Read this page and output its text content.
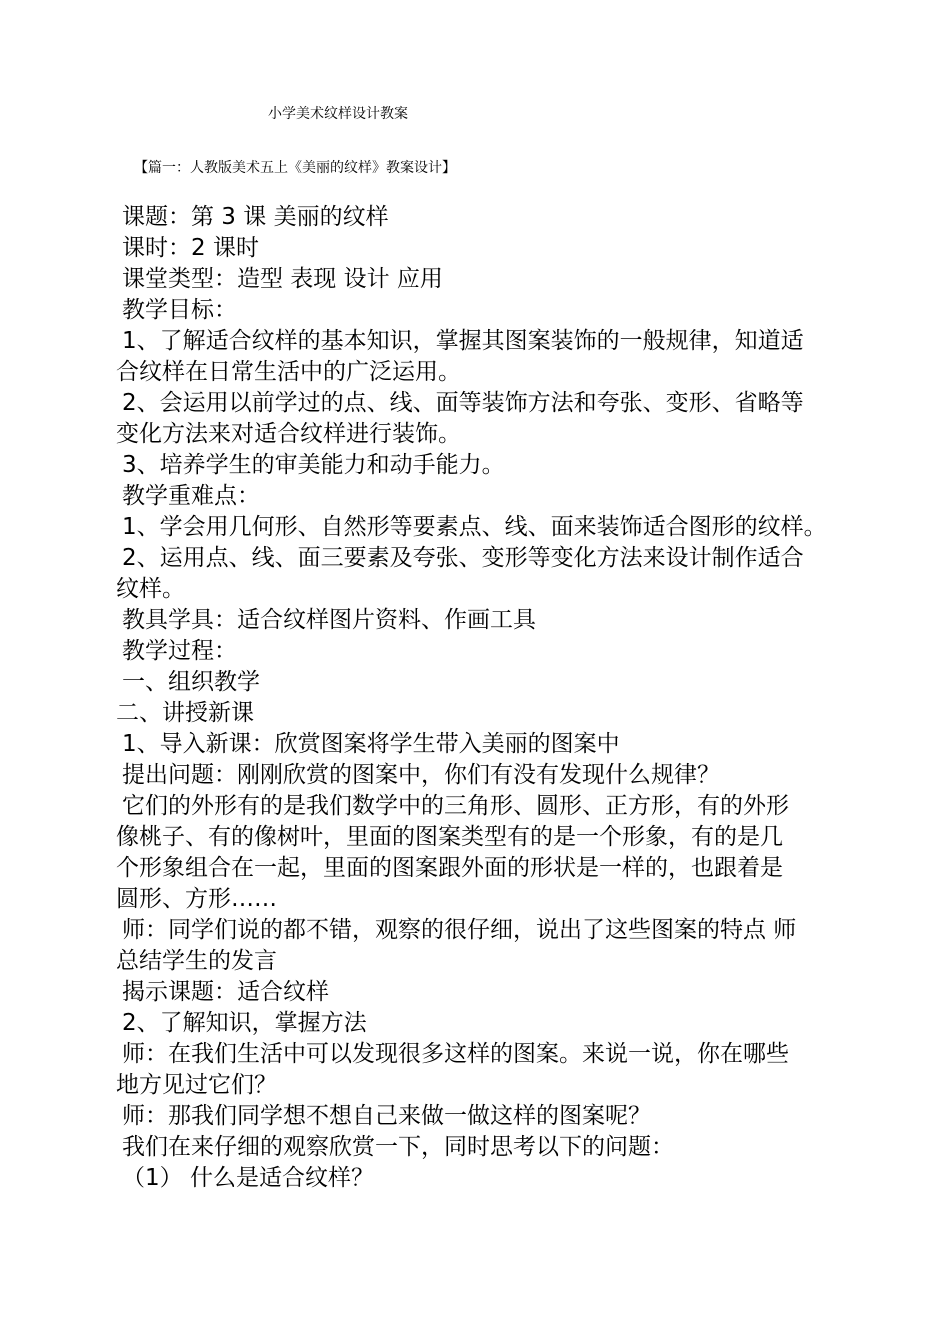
小学美术纹样设计教案
【篇一：人教版美术五上《美丽的纹样》教案设计】
课题：第 3 课 美丽的纹样
课时：2 课时
课堂类型：造型 表现 设计 应用
教学目标：
1、了解适合纹样的基本知识，掌握其图案装饰的一般规律，知道适
合纹样在日常生活中的广泛运用。
2、会运用以前学过的点、线、面等装饰方法和夸张、变形、省略等
变化方法来对适合纹样进行装饰。
3、培养学生的审美能力和动手能力。
教学重难点：
1、学会用几何形、自然形等要素点、线、面来装饰适合图形的纹样。
2、运用点、线、面三要素及夸张、变形等变化方法来设计制作适合
纹样。
教具学具：适合纹样图片资料、作画工具
教学过程：
一、组织教学
二、讲授新课
1、导入新课：欣赏图案将学生带入美丽的图案中
提出问题：刚刚欣赏的图案中，你们有没有发现什么规律？
它们的外形有的是我们数学中的三角形、圆形、正方形，有的外形
像桃子、有的像树叶，里面的图案类型有的是一个形象，有的是几
个形象组合在一起，里面的图案跟外面的形状是一样的，也跟着是
圆形、方形……
师：同学们说的都不错，观察的很仔细，说出了这些图案的特点 师
总结学生的发言
揭示课题：适合纹样
2、了解知识，掌握方法
师：在我们生活中可以发现很多这样的图案。来说一说，你在哪些
地方见过它们？
师：那我们同学想不想自己来做一做这样的图案呢？
我们在来仔细的观察欣赏一下，同时思考以下的问题：
（1） 什么是适合纹样？
